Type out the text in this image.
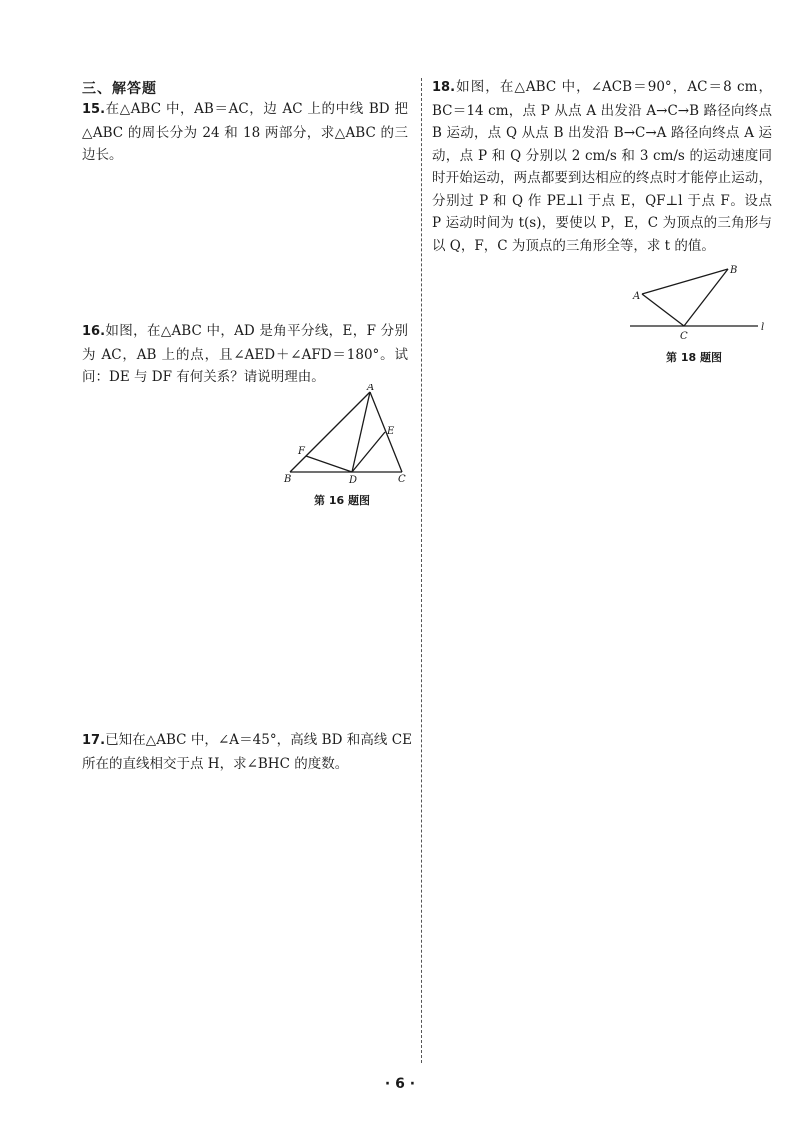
三、解答题
15.在△ABC 中，AB＝AC，边 AC 上的中线 BD 把△ABC 的周长分为 24 和 18 两部分，求△ABC 的三边长。
16.如图，在△ABC 中，AD 是角平分线，E，F 分别为 AC，AB 上的点，且∠AED＋∠AFD＝180°。试问：DE 与 DF 有何关系？请说明理由。
A
B	C
D
E
F
第 16 题图
17.已知在△ABC 中，∠A＝45°，高线 BD 和高线 CE 所在的直线相交于点 H，求∠BHC 的度数。
18.如图，在△ABC 中，∠ACB＝90°，AC＝8 cm，BC＝14 cm，点 P 从点 A 出发沿 A→C→B 路径向终点 B 运动，点 Q 从点 B 出发沿 B→C→A 路径向终点 A 运动，点 P 和 Q 分别以 2 cm/s 和 3 cm/s 的运动速度同时开始运动，两点都要到达相应的终点时才能停止运动，分别过 P 和 Q 作 PE⊥l 于点 E，QF⊥l 于点 F。设点 P 运动时间为 t(s)，要使以 P，E，C 为顶点的三角形与以 Q，F，C 为顶点的三角形全等，求 t 的值。
A
B
C
l
第 18 题图
· 6 ·
